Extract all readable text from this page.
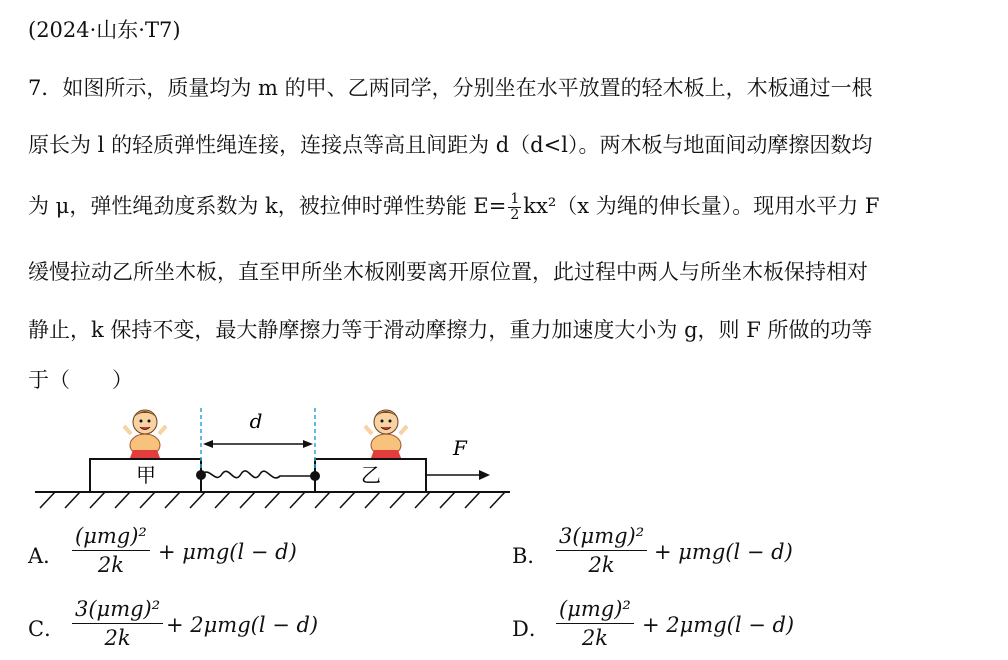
(2024·山东·T7)
7．如图所示，质量均为 m 的甲、乙两同学，分别坐在水平放置的轻木板上，木板通过一根
原长为 l 的轻质弹性绳连接，连接点等高且间距为 d（d<l）。两木板与地面间动摩擦因数均
为 μ，弹性绳劲度系数为 k，被拉伸时弹性势能 $E= \frac{1}{2} kx^2(x$ 为绳的伸长量）。现用水平力 F
缓慢拉动乙所坐木板，直至甲所坐木板刚要离开原位置，此过程中两人与所坐木板保持相对
静止，k 保持不变，最大静摩擦力等于滑动摩擦力，重力加速度大小为 g，则 F 所做的功等
于（　　）
甲	乙
d
F
A．
(μmg)²
2k
+ μmg(l − d)	B．
3(μmg)²
2k
+ μmg(l − d)
C．
3(μmg)²
2k
+ 2μmg(l − d)	D．
(μmg)²
2k
+ 2μmg(l − d)
